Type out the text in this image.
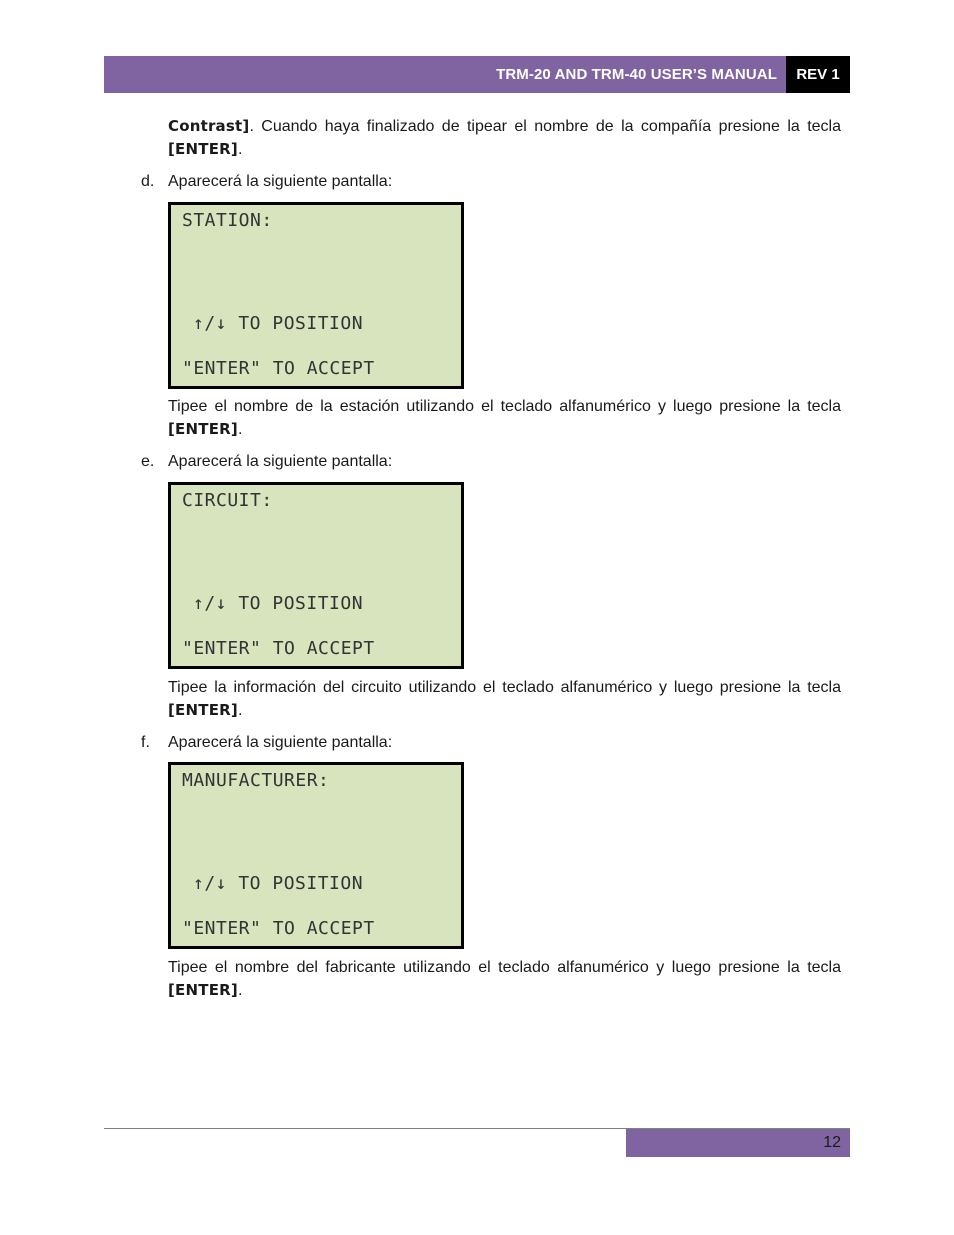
TRM-20 AND TRM-40 USER’S MANUAL	REV 1

Contrast]. Cuando haya finalizado de tipear el nombre de la compañía presione la tecla [ENTER].

d. Aparecerá la siguiente pantalla:
STATION:
↑/↓ TO POSITION
"ENTER" TO ACCEPT

Tipee el nombre de la estación utilizando el teclado alfanumérico y luego presione la tecla [ENTER].

e. Aparecerá la siguiente pantalla:
CIRCUIT:
↑/↓ TO POSITION
"ENTER" TO ACCEPT

Tipee la información del circuito utilizando el teclado alfanumérico y luego presione la tecla [ENTER].

f.	Aparecerá la siguiente pantalla:
MANUFACTURER:
↑/↓ TO POSITION
"ENTER" TO ACCEPT

Tipee el nombre del fabricante utilizando el teclado alfanumérico y luego presione la tecla [ENTER].

12
